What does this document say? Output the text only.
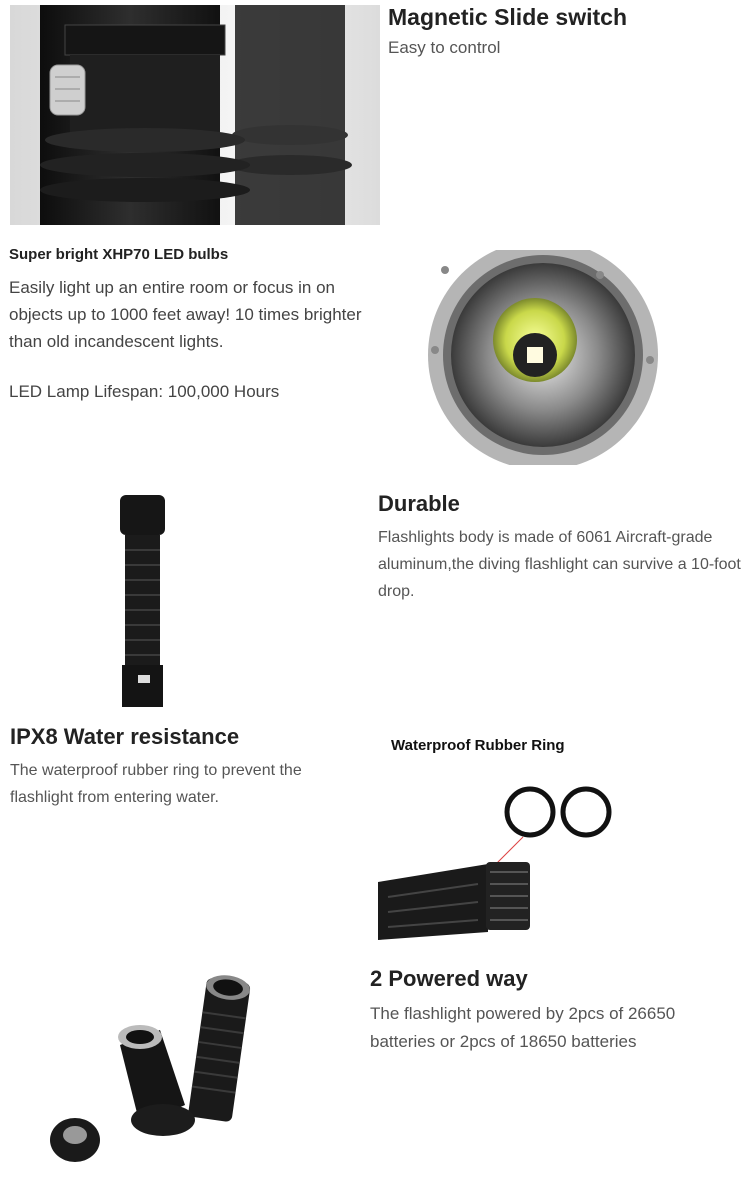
Magnetic Slide switch
Easy to control
Super bright XHP70 LED bulbs
Easily light up an entire room or focus in on objects up to 1000 feet away! 10 times brighter than old incandescent lights.
LED Lamp Lifespan: 100,000 Hours
Durable
Flashlights body is made of 6061 Aircraft-grade aluminum,the diving flashlight can survive a 10-foot drop.
IPX8 Water resistance
The waterproof rubber ring to prevent the flashlight from entering water.
Waterproof Rubber Ring
2 Powered way
The flashlight powered by 2pcs of 26650 batteries or 2pcs of 18650 batteries
